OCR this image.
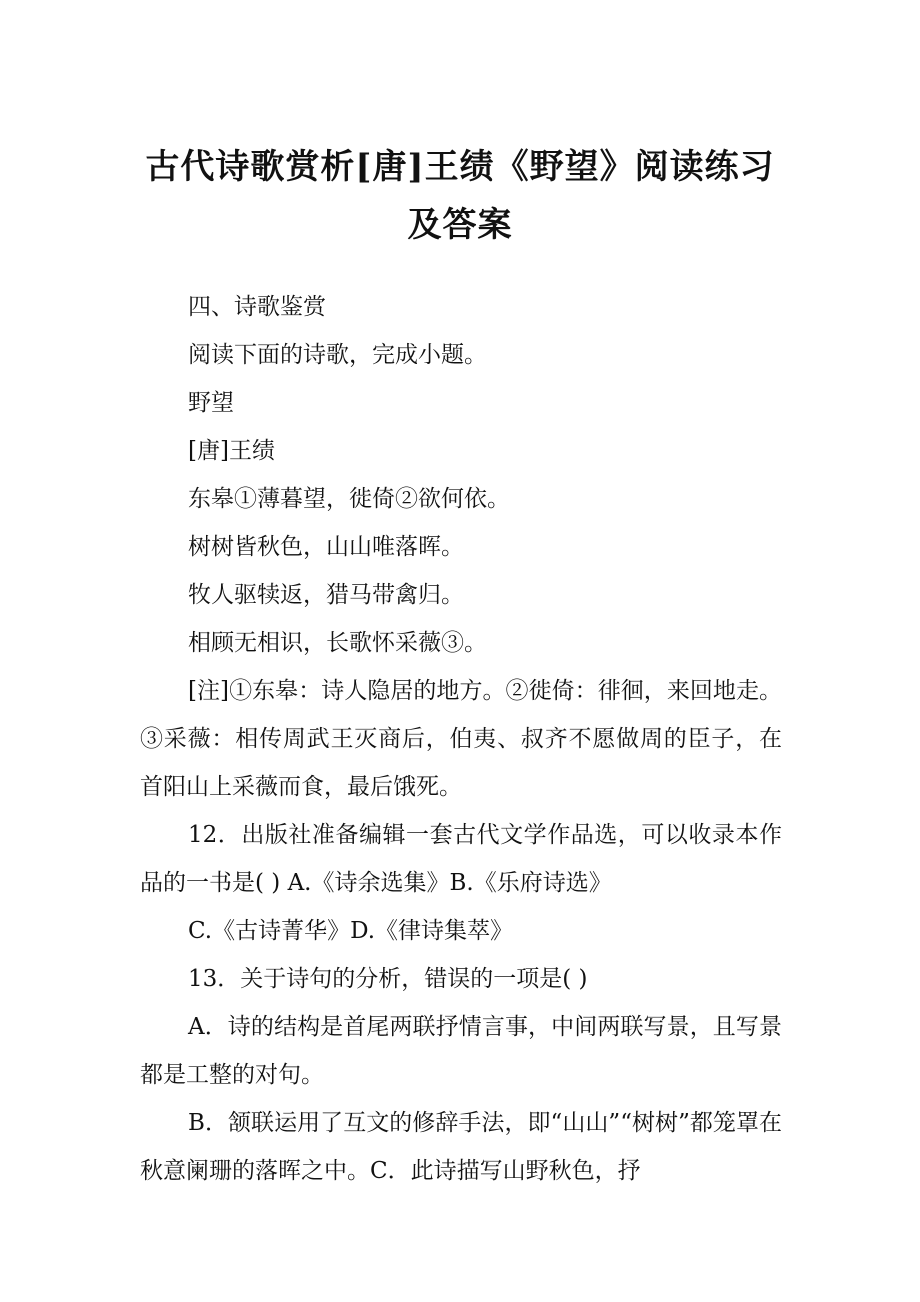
古代诗歌赏析[唐]王绩《野望》阅读练习及答案

四、诗歌鉴赏

阅读下面的诗歌，完成小题。

野望

[唐]王绩

东皋①薄暮望，徙倚②欲何依。

树树皆秋色，山山唯落晖。

牧人驱犊返，猎马带禽归。

相顾无相识，长歌怀采薇③。

[注]①东皋：诗人隐居的地方。②徙倚：徘徊，来回地走。③采薇：相传周武王灭商后，伯夷、叔齐不愿做周的臣子，在首阳山上采薇而食，最后饿死。

12．出版社准备编辑一套古代文学作品选，可以收录本作品的一书是( ) A.《诗余选集》B.《乐府诗选》

C.《古诗菁华》D.《律诗集萃》

13．关于诗句的分析，错误的一项是( )

A．诗的结构是首尾两联抒情言事，中间两联写景，且写景都是工整的对句。

B．颔联运用了互文的修辞手法，即“山山”“树树”都笼罩在秋意阑珊的落晖之中。C．此诗描写山野秋色，抒
